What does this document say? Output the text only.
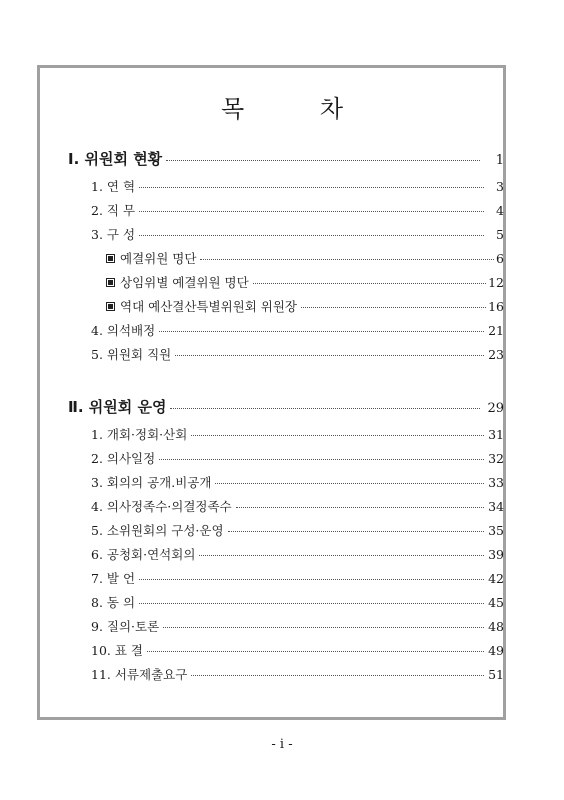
목 차
Ⅰ. 위원회 현황	1
1. 연 혁	3
2. 직 무	4
3. 구 성	5
예결위원 명단	6
상임위별 예결위원 명단	12
역대 예산결산특별위원회 위원장	16
4. 의석배정	21
5. 위원회 직원	23
Ⅱ. 위원회 운영	29
1. 개회·정회·산회	31
2. 의사일정	32
3. 회의의 공개.비공개	33
4. 의사정족수·의결정족수	34
5. 소위원회의 구성·운영	35
6. 공청회·연석회의	39
7. 발 언	42
8. 동 의	45
9. 질의·토론	48
10. 표 결	49
11. 서류제출요구	51
- i -
